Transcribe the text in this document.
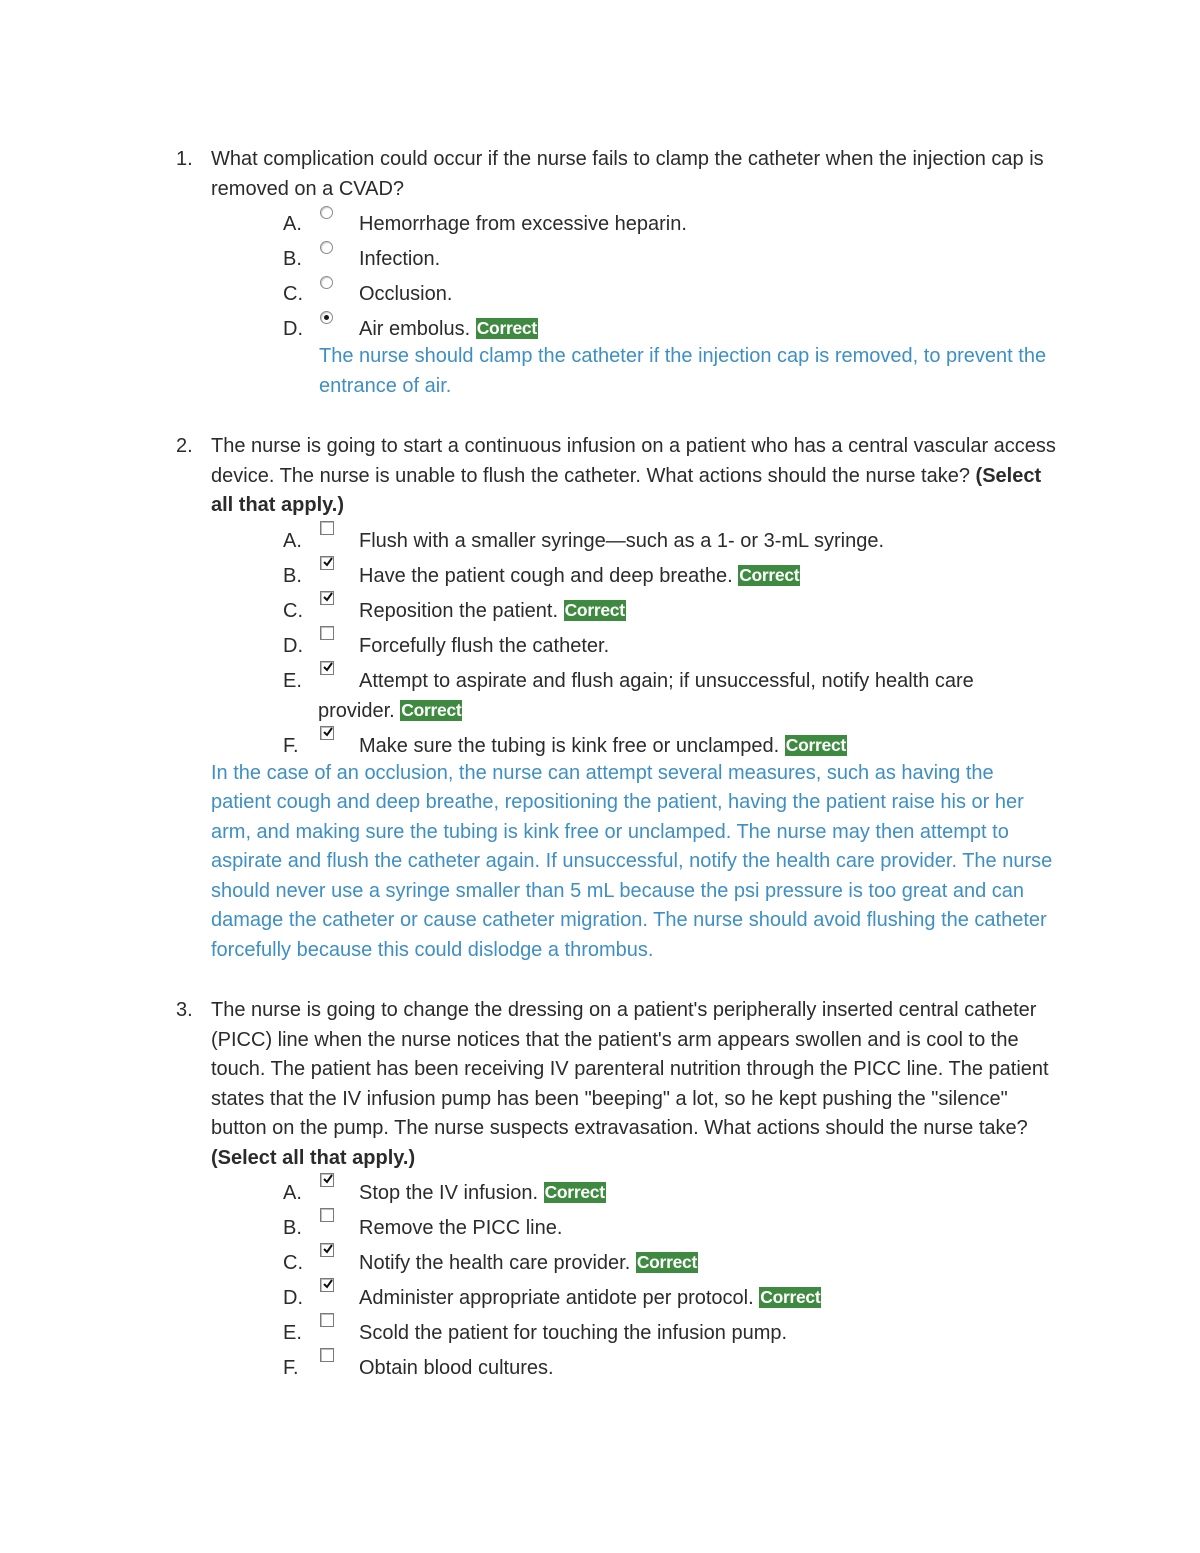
1. What complication could occur if the nurse fails to clamp the catheter when the injection cap is removed on a CVAD?
A.	Hemorrhage from excessive heparin.
B.	Infection.
C.	Occlusion.
D.	Air embolus. Correct
The nurse should clamp the catheter if the injection cap is removed, to prevent the entrance of air.
2. The nurse is going to start a continuous infusion on a patient who has a central vascular access device. The nurse is unable to flush the catheter. What actions should the nurse take? (Select all that apply.)
A.	Flush with a smaller syringe—such as a 1- or 3-mL syringe.
B.	Have the patient cough and deep breathe. Correct
C.	Reposition the patient. Correct
D.	Forcefully flush the catheter.
E.	Attempt to aspirate and flush again; if unsuccessful, notify health care
provider. Correct
F.	Make sure the tubing is kink free or unclamped. Correct
In the case of an occlusion, the nurse can attempt several measures, such as having the patient cough and deep breathe, repositioning the patient, having the patient raise his or her arm, and making sure the tubing is kink free or unclamped. The nurse may then attempt to aspirate and flush the catheter again. If unsuccessful, notify the health care provider. The nurse should never use a syringe smaller than 5 mL because the psi pressure is too great and can damage the catheter or cause catheter migration. The nurse should avoid flushing the catheter forcefully because this could dislodge a thrombus.
3. The nurse is going to change the dressing on a patient's peripherally inserted central catheter (PICC) line when the nurse notices that the patient's arm appears swollen and is cool to the touch. The patient has been receiving IV parenteral nutrition through the PICC line. The patient states that the IV infusion pump has been "beeping" a lot, so he kept pushing the "silence" button on the pump. The nurse suspects extravasation. What actions should the nurse take? (Select all that apply.)
A.	Stop the IV infusion. Correct
B.	Remove the PICC line.
C.	Notify the health care provider. Correct
D.	Administer appropriate antidote per protocol. Correct
E.	Scold the patient for touching the infusion pump.
F.	Obtain blood cultures.
